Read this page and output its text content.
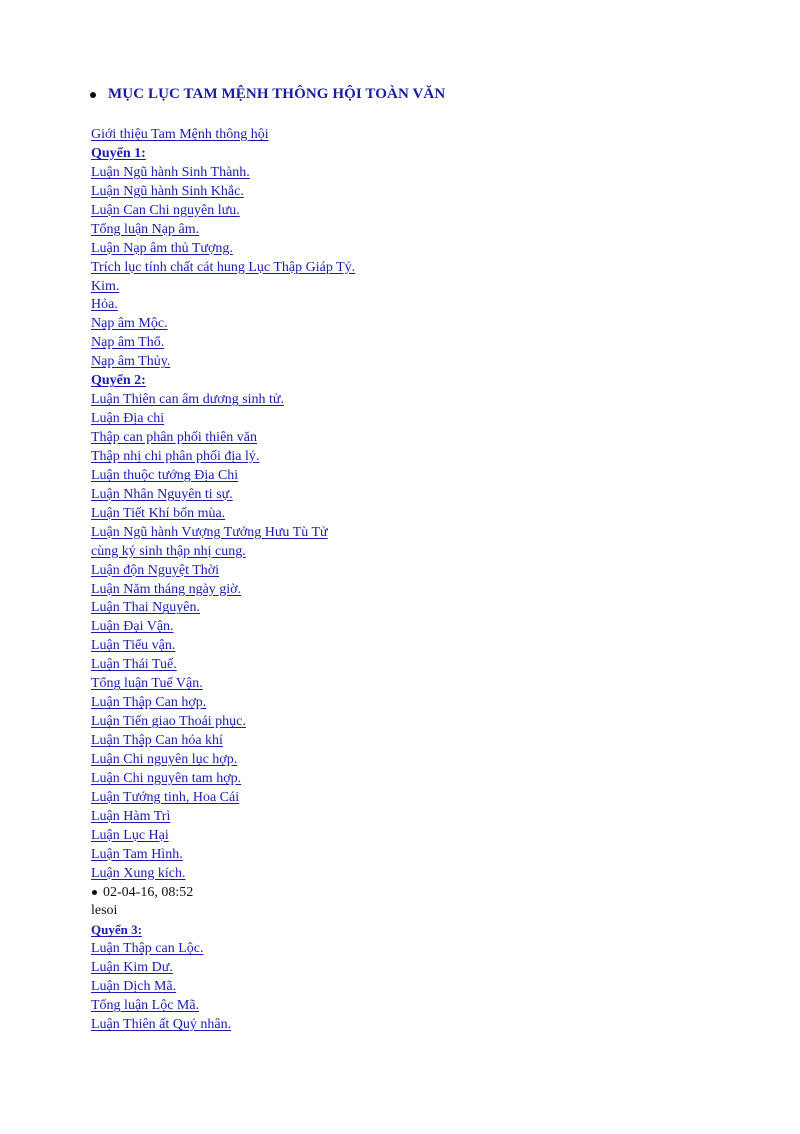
MỤC LỤC TAM MỆNH THÔNG HỘI TOÀN VĂN
Giới thiệu Tam Mệnh thông hội
Quyển 1:
Luận Ngũ hành Sinh Thành.
Luận Ngũ hành Sinh Khắc.
Luận Can Chi nguyên lưu.
Tổng luận Nạp âm.
Luận Nạp âm thủ Tượng.
Trích lục tính chất cát hung Lục Thập Giáp Tý.
Kim.
Hỏa.
Nạp âm Mộc.
Nạp âm Thổ.
Nạp âm Thủy.
Quyển 2:
Luận Thiên can âm dương sinh tử.
Luận Địa chi
Thập can phân phối thiên văn
Thập nhị chi phân phối địa lý.
Luận thuộc tướng Địa Chi
Luận Nhân Nguyên ti sự.
Luận Tiết Khí bốn mùa.
Luận Ngũ hành Vượng Tướng Hưu Tù Tử
cùng ký sinh thập nhị cung.
Luận độn Nguyệt Thời
Luận Năm tháng ngày giờ.
Luận Thai Nguyên.
Luận Đại Vận.
Luận Tiểu vận.
Luận Thái Tuế.
Tổng luận Tuế Vận.
Luận Thập Can hợp.
Luận Tiến giao Thoái phục.
Luận Thập Can hóa khí
Luận Chi nguyên lục hợp.
Luận Chi nguyên tam hợp.
Luận Tướng tinh, Hoa Cái
Luận Hàm Trì
Luận Lục Hại
Luận Tam Hình.
Luận Xung kích.
02-04-16, 08:52
lesoi
Quyển 3:
Luận Thập can Lộc.
Luận Kim Dư.
Luận Dịch Mã.
Tổng luận Lộc Mã.
Luận Thiên ất Quý nhân.
